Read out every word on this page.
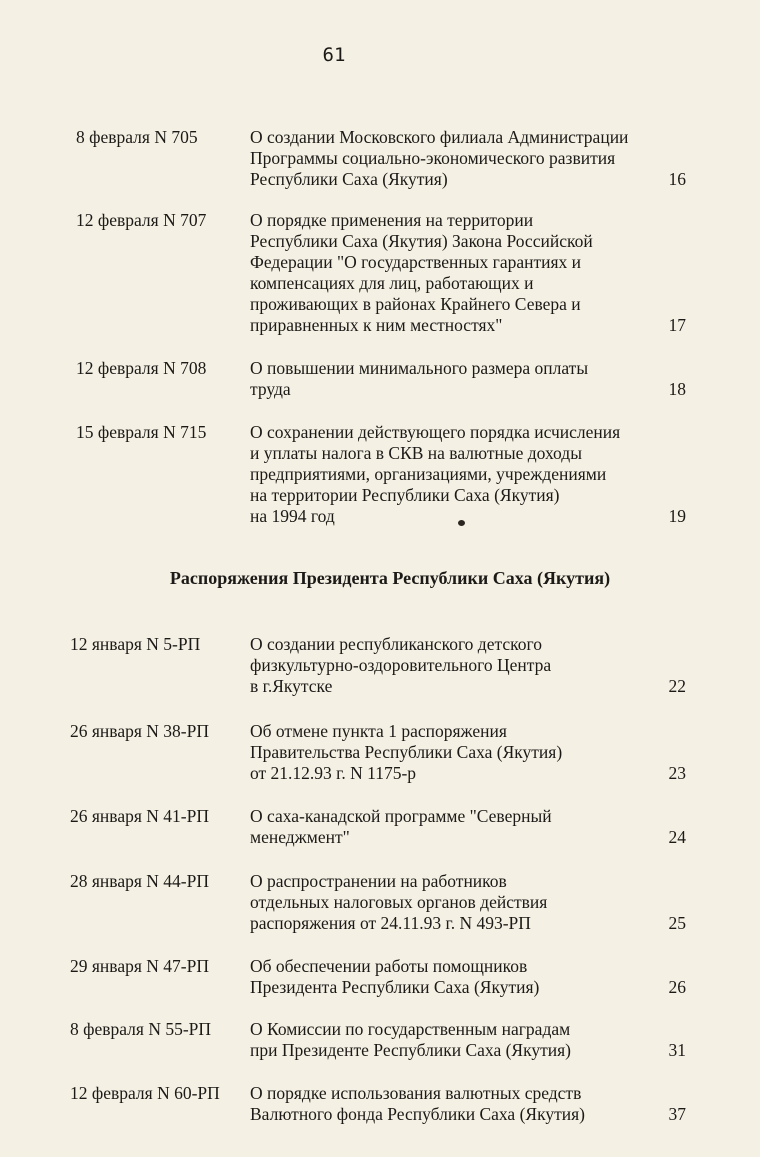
61
8 февраля N 705	О создании Московского филиала Администрации
Программы социально-экономического развития
Республики Саха (Якутия)	16
12 февраля N 707 О порядке применения на территории
Республики Саха (Якутия) Закона Российской
Федерации "О государственных гарантиях и
компенсациях для лиц, работающих и
проживающих в районах Крайнего Севера и
приравненных к ним местностях"	17
12 февраля N 708 О повышении минимального размера оплаты
труда	18
15 февраля N 715 О сохранении действующего порядка исчисления
и уплаты налога в СКВ на валютные доходы
предприятиями, организациями, учреждениями
на территории Республики Саха (Якутия)
на 1994 год	19
Распоряжения Президента Республики Саха (Якутия)
12 января N 5-РП	О создании республиканского детского
физкультурно-оздоровительного Центра
в г.Якутске	22
26 января N 38-РП Об отмене пункта 1 распоряжения
Правительства Республики Саха (Якутия)
от 21.12.93 г. N 1175-р	23
26 января N 41-РП О саха-канадской программе "Северный
менеджмент"	24
28 января N 44-РП О распространении на работников
отдельных налоговых органов действия
распоряжения от 24.11.93 г. N 493-РП	25
29 января N 47-РП Об обеспечении работы помощников
Президента Республики Саха (Якутия)	26
8 февраля N 55-РП О Комиссии по государственным наградам
при Президенте Республики Саха (Якутия)	31
12 февраля N 60-РП О порядке использования валютных средств
Валютного фонда Республики Саха (Якутия)	37
